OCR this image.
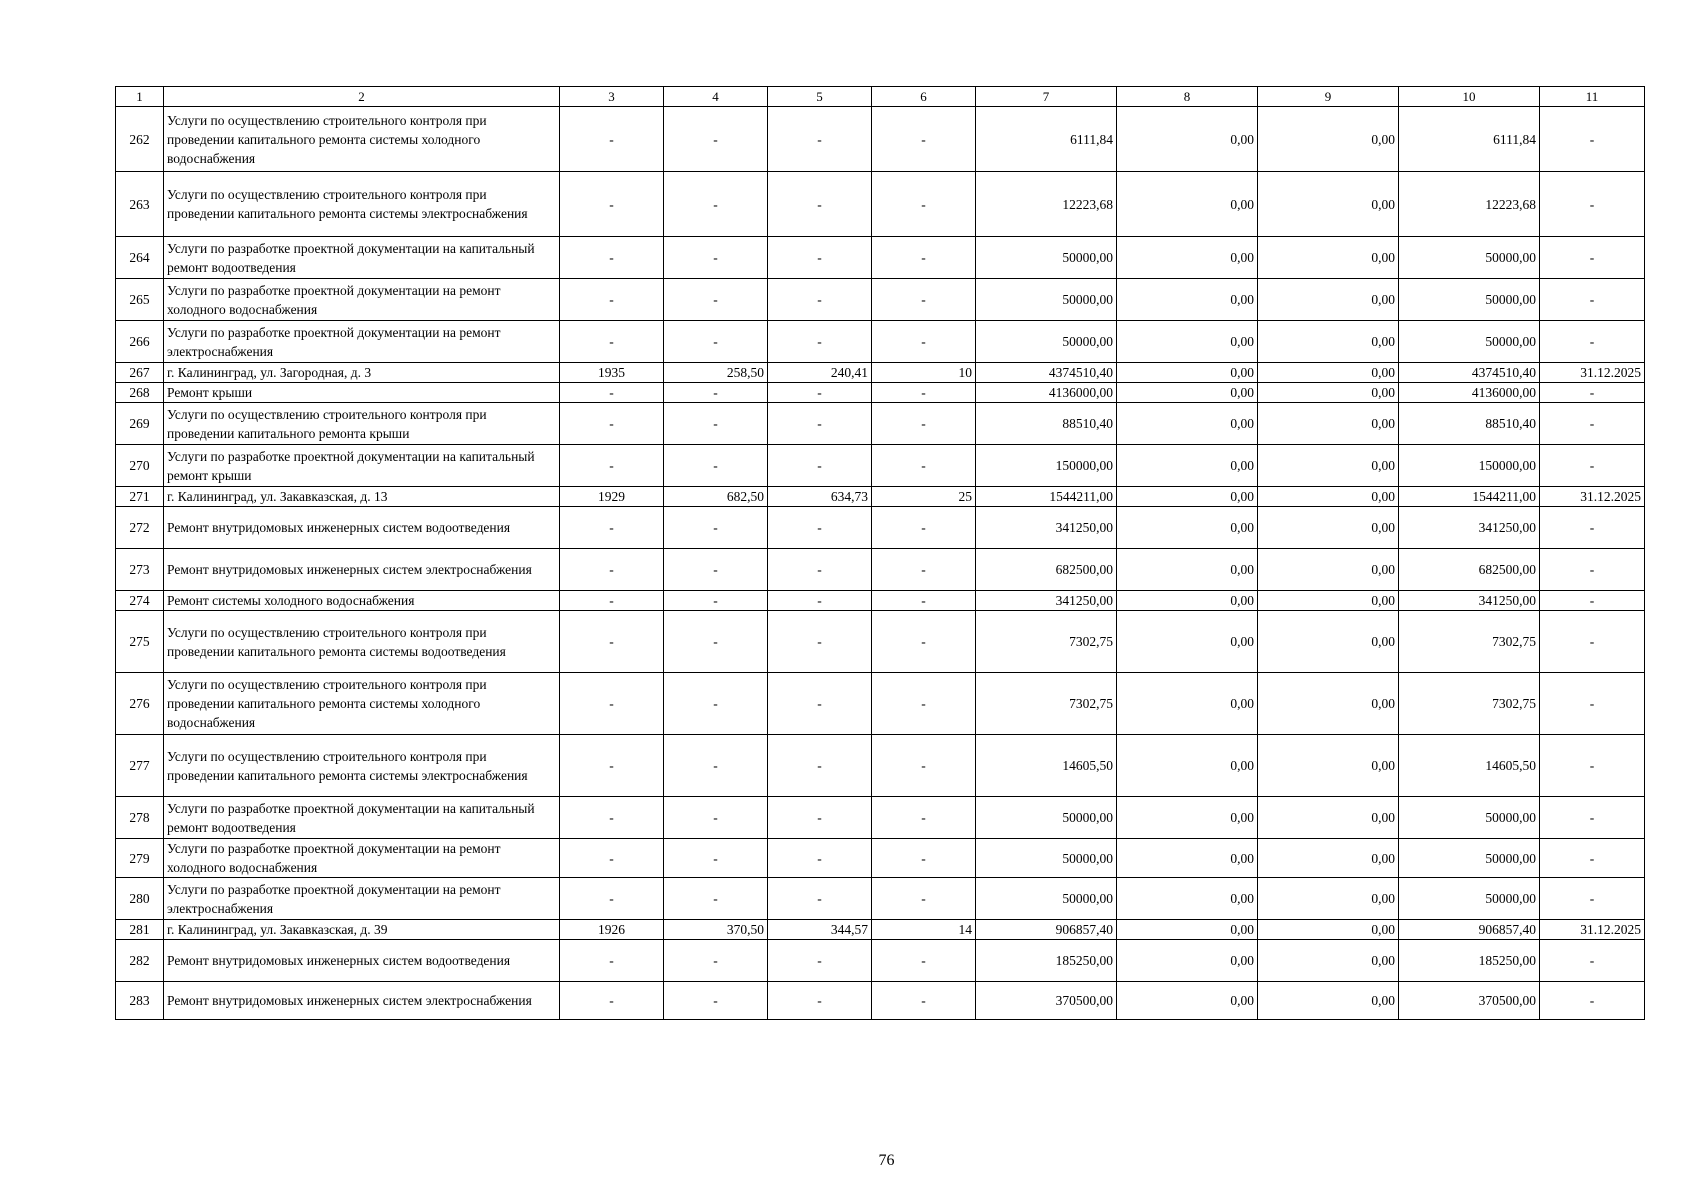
1	2	3	4	5	6	7	8	9	10	11
262	Услуги по осуществлению строительного контроля при проведении капитального ремонта системы холодного водоснабжения	-	-	-	-	6111,84	0,00	0,00	6111,84	-
263	Услуги по осуществлению строительного контроля при проведении капитального ремонта системы электроснабжения	-	-	-	-	12223,68	0,00	0,00	12223,68	-
264	Услуги по разработке проектной документации на капитальный ремонт водоотведения	-	-	-	-	50000,00	0,00	0,00	50000,00	-
265	Услуги по разработке проектной документации на ремонт холодного водоснабжения	-	-	-	-	50000,00	0,00	0,00	50000,00	-
266	Услуги по разработке проектной документации на ремонт электроснабжения	-	-	-	-	50000,00	0,00	0,00	50000,00	-
267	г. Калининград, ул. Загородная, д. 3	1935	258,50	240,41	10	4374510,40	0,00	0,00	4374510,40	31.12.2025
268	Ремонт крыши	-	-	-	-	4136000,00	0,00	0,00	4136000,00	-
269	Услуги по осуществлению строительного контроля при проведении капитального ремонта крыши	-	-	-	-	88510,40	0,00	0,00	88510,40	-
270	Услуги по разработке проектной документации на капитальный ремонт крыши	-	-	-	-	150000,00	0,00	0,00	150000,00	-
271	г. Калининград, ул. Закавказская, д. 13	1929	682,50	634,73	25	1544211,00	0,00	0,00	1544211,00	31.12.2025
272	Ремонт внутридомовых инженерных систем водоотведения	-	-	-	-	341250,00	0,00	0,00	341250,00	-
273	Ремонт внутридомовых инженерных систем электроснабжения	-	-	-	-	682500,00	0,00	0,00	682500,00	-
274	Ремонт системы холодного водоснабжения	-	-	-	-	341250,00	0,00	0,00	341250,00	-
275	Услуги по осуществлению строительного контроля при проведении капитального ремонта системы водоотведения	-	-	-	-	7302,75	0,00	0,00	7302,75	-
276	Услуги по осуществлению строительного контроля при проведении капитального ремонта системы холодного водоснабжения	-	-	-	-	7302,75	0,00	0,00	7302,75	-
277	Услуги по осуществлению строительного контроля при проведении капитального ремонта системы электроснабжения	-	-	-	-	14605,50	0,00	0,00	14605,50	-
278	Услуги по разработке проектной документации на капитальный ремонт водоотведения	-	-	-	-	50000,00	0,00	0,00	50000,00	-
279	Услуги по разработке проектной документации на ремонт холодного водоснабжения	-	-	-	-	50000,00	0,00	0,00	50000,00	-
280	Услуги по разработке проектной документации на ремонт электроснабжения	-	-	-	-	50000,00	0,00	0,00	50000,00	-
281	г. Калининград, ул. Закавказская, д. 39	1926	370,50	344,57	14	906857,40	0,00	0,00	906857,40	31.12.2025
282	Ремонт внутридомовых инженерных систем водоотведения	-	-	-	-	185250,00	0,00	0,00	185250,00	-
283	Ремонт внутридомовых инженерных систем электроснабжения	-	-	-	-	370500,00	0,00	0,00	370500,00	-
76
